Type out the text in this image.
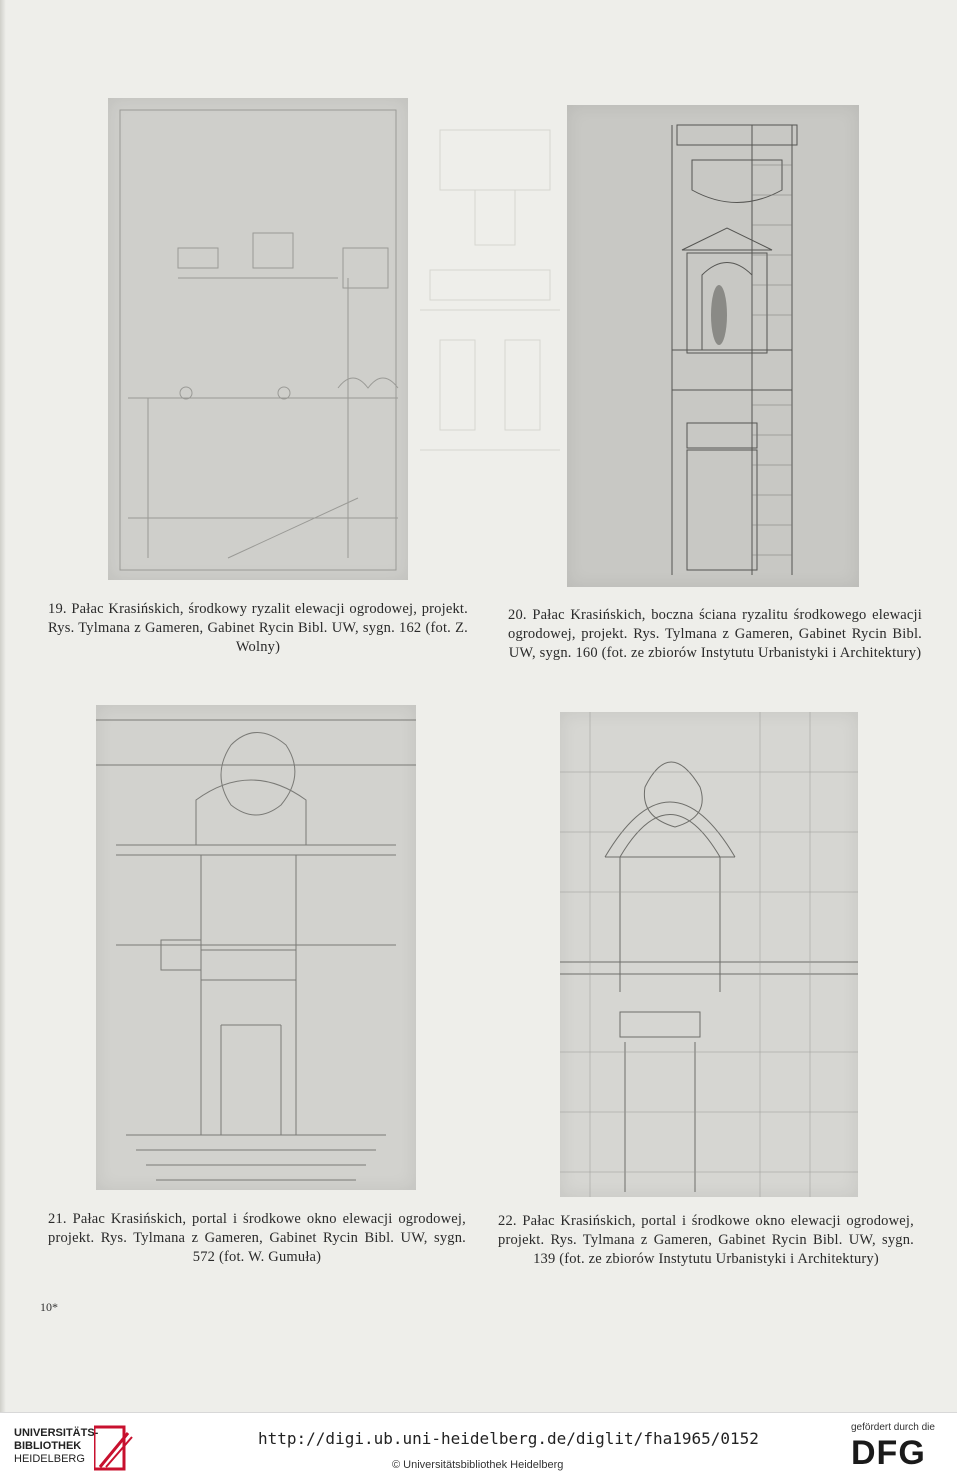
19. Pałac Krasińskich, środkowy ryzalit elewacji ogrodowej, projekt. Rys. Tylmana z Gameren, Gabinet Rycin Bibl. UW, sygn. 162 (fot. Z. Wolny)
20. Pałac Krasińskich, boczna ściana ryzalitu środkowego elewacji ogrodowej, projekt. Rys. Tylmana z Gameren, Gabinet Rycin Bibl. UW, sygn. 160 (fot. ze zbiorów Instytutu Urbanistyki i Architektury)
21. Pałac Krasińskich, portal i środkowe okno elewacji ogrodowej, projekt. Rys. Tylmana z Gameren, Gabinet Rycin Bibl. UW, sygn. 572 (fot. W. Gumuła)
22. Pałac Krasińskich, portal i środkowe okno elewacji ogrodowej, projekt. Rys. Tylmana z Gameren, Gabinet Rycin Bibl. UW, sygn. 139 (fot. ze zbiorów Instytutu Urbanistyki i Architektury)
10*
UNIVERSITÄTS-
BIBLIOTHEK
HEIDELBERG
http://digi.ub.uni-heidelberg.de/diglit/fha1965/0152
© Universitätsbibliothek Heidelberg
gefördert durch die
DFG
